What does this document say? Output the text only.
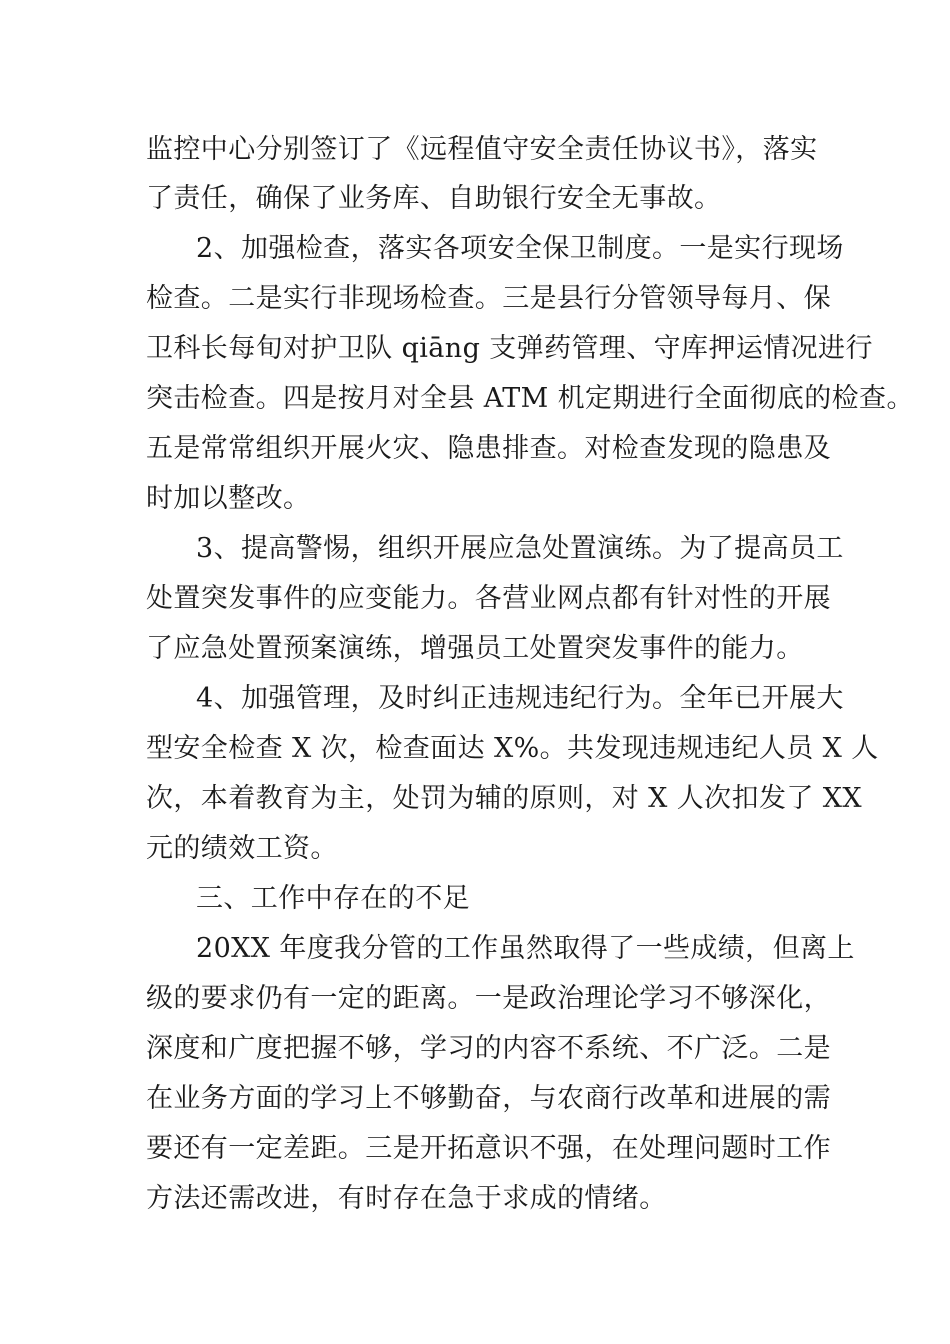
监控中心分别签订了《远程值守安全责任协议书》，落实
了责任，确保了业务库、自助银行安全无事故。
2、加强检查，落实各项安全保卫制度。一是实行现场
检查。二是实行非现场检查。三是县行分管领导每月、保
卫科长每旬对护卫队 qiāng 支弹药管理、守库押运情况进行
突击检查。四是按月对全县 ATM 机定期进行全面彻底的检查。
五是常常组织开展火灾、隐患排查。对检查发现的隐患及
时加以整改。
3、提高警惕，组织开展应急处置演练。为了提高员工
处置突发事件的应变能力。各营业网点都有针对性的开展
了应急处置预案演练，增强员工处置突发事件的能力。
4、加强管理，及时纠正违规违纪行为。全年已开展大
型安全检查 X 次，检查面达 X%。共发现违规违纪人员 X 人
次，本着教育为主，处罚为辅的原则，对 X 人次扣发了 XX
元的绩效工资。
三、工作中存在的不足
20XX 年度我分管的工作虽然取得了一些成绩，但离上
级的要求仍有一定的距离。一是政治理论学习不够深化，
深度和广度把握不够，学习的内容不系统、不广泛。二是
在业务方面的学习上不够勤奋，与农商行改革和进展的需
要还有一定差距。三是开拓意识不强，在处理问题时工作
方法还需改进，有时存在急于求成的情绪。
